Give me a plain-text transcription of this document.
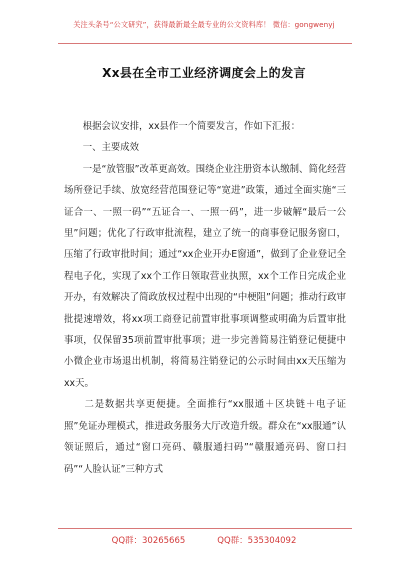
关注头条号“公文研究”，获得最新最全最专业的公文资料库！ 微信：gongwenyj
Xx县在全市工业经济调度会上的发言

　　根据会议安排，xx县作一个简要发言，作如下汇报：

　　一、主要成效

　　一是“放管服”改革更高效。围绕企业注册资本认缴制、简化经营场所登记手续、放宽经营范围登记等“宽进”政策，通过全面实施“三证合一、一照一码”“五证合一、一照一码”，进一步破解“最后一公里”问题；优化了行政审批流程，建立了统一的商事登记服务窗口，压缩了行政审批时间；通过“xx企业开办E窗通”，做到了企业登记全程电子化，实现了xx个工作日领取营业执照，xx个工作日完成企业开办，有效解决了简政放权过程中出现的“中梗阻”问题；推动行政审批提速增效，将xx项工商登记前置审批事项调整或明确为后置审批事项，仅保留35项前置审批事项；进一步完善简易注销登记便捷中小微企业市场退出机制，将简易注销登记的公示时间由xx天压缩为xx天。

　　二是数据共享更便捷。全面推行“xx服通＋区块链＋电子证照”免证办理模式，推进政务服务大厅改造升级。群众在“xx服通”认领证照后，通过“窗口亮码、赣服通扫码”“赣服通亮码、窗口扫码”“人脸认证”三种方式

QQ群：30265665	QQ群：535304092
